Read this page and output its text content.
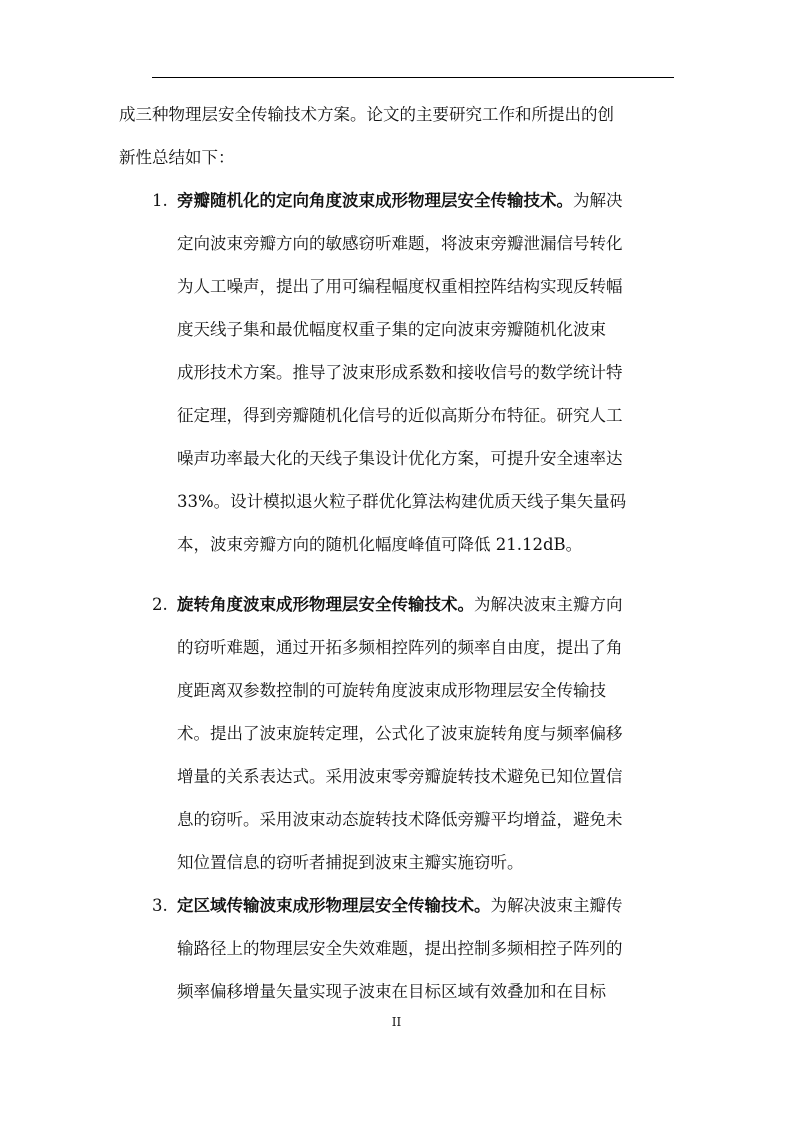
成三种物理层安全传输技术方案。论文的主要研究工作和所提出的创
新性总结如下：
1. 旁瓣随机化的定向角度波束成形物理层安全传输技术。为解决
定向波束旁瓣方向的敏感窃听难题，将波束旁瓣泄漏信号转化
为人工噪声，提出了用可编程幅度权重相控阵结构实现反转幅
度天线子集和最优幅度权重子集的定向波束旁瓣随机化波束
成形技术方案。推导了波束形成系数和接收信号的数学统计特
征定理，得到旁瓣随机化信号的近似高斯分布特征。研究人工
噪声功率最大化的天线子集设计优化方案，可提升安全速率达
33%。设计模拟退火粒子群优化算法构建优质天线子集矢量码
本，波束旁瓣方向的随机化幅度峰值可降低 21.12dB。
2. 旋转角度波束成形物理层安全传输技术。为解决波束主瓣方向
的窃听难题，通过开拓多频相控阵列的频率自由度，提出了角
度距离双参数控制的可旋转角度波束成形物理层安全传输技
术。提出了波束旋转定理，公式化了波束旋转角度与频率偏移
增量的关系表达式。采用波束零旁瓣旋转技术避免已知位置信
息的窃听。采用波束动态旋转技术降低旁瓣平均增益，避免未
知位置信息的窃听者捕捉到波束主瓣实施窃听。
3. 定区域传输波束成形物理层安全传输技术。为解决波束主瓣传
输路径上的物理层安全失效难题，提出控制多频相控子阵列的
频率偏移增量矢量实现子波束在目标区域有效叠加和在目标
II
